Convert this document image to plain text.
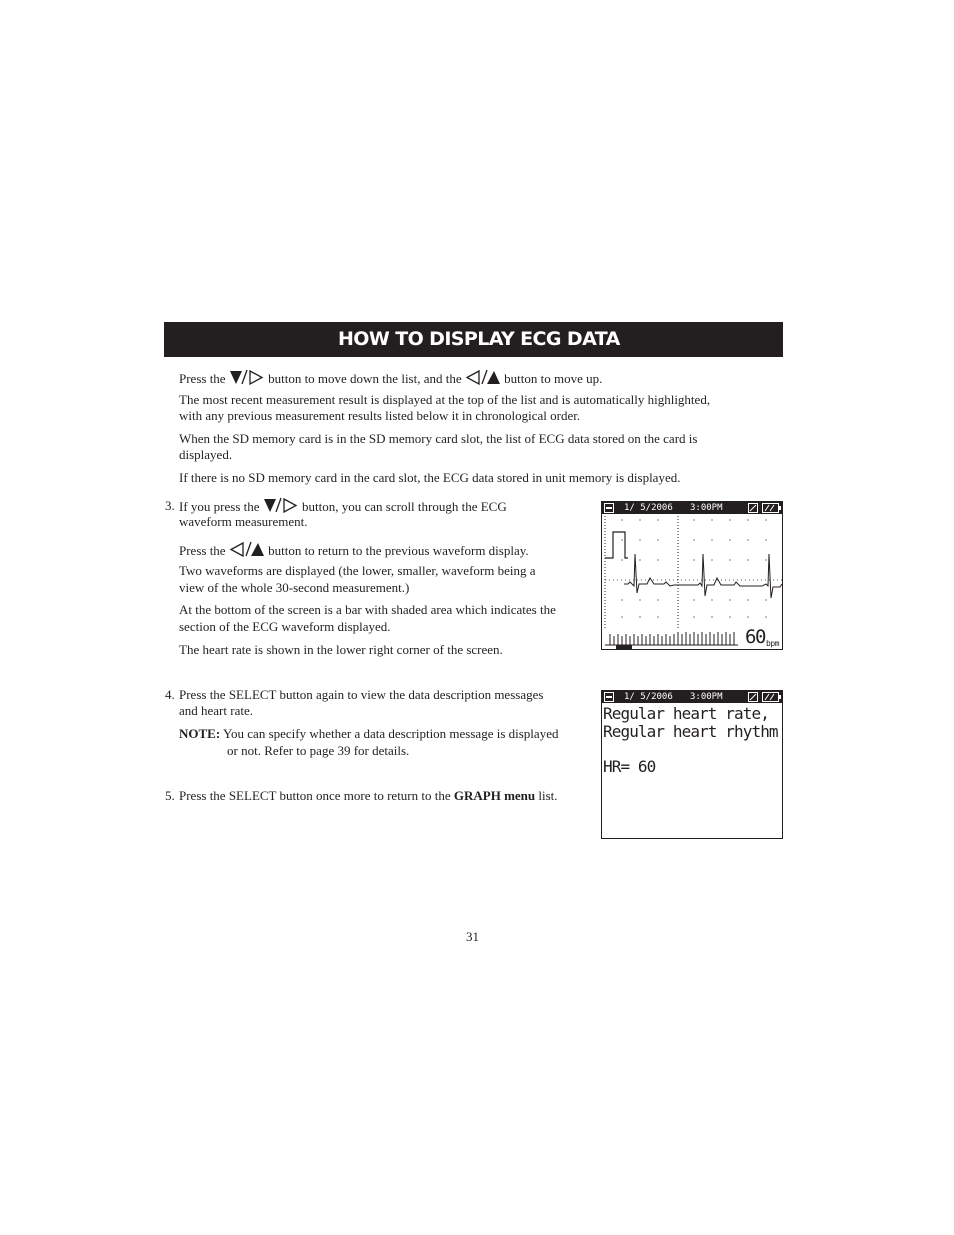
HOW TO DISPLAY ECG DATA
Press the	button to move down the list, and the	button to move up.
The most recent measurement result is displayed at the top of the list and is automatically highlighted,
with any previous measurement results listed below it in chronological order.
When the SD memory card is in the SD memory card slot, the list of ECG data stored on the card is
displayed.
If there is no SD memory card in the card slot, the ECG data stored in unit memory is displayed.
3. If you press the	button, you can scroll through the ECG
waveform measurement.
Press the	button to return to the previous waveform display.
Two waveforms are displayed (the lower, smaller, waveform being a
view of the whole 30-second measurement.)
At the bottom of the screen is a bar with shaded area which indicates the
section of the ECG waveform displayed.
The heart rate is shown in the lower right corner of the screen.
1/ 5/2006 3:00PM
60 bpm
4. Press the SELECT button again to view the data description messages
and heart rate.
NOTE: You can specify whether a data description message is displayed
or not. Refer to page 39 for details.
1/ 5/2006 3:00PM
Regular heart rate,
Regular heart rhythm
HR= 60
5. Press the SELECT button once more to return to the GRAPH menu list.
31
